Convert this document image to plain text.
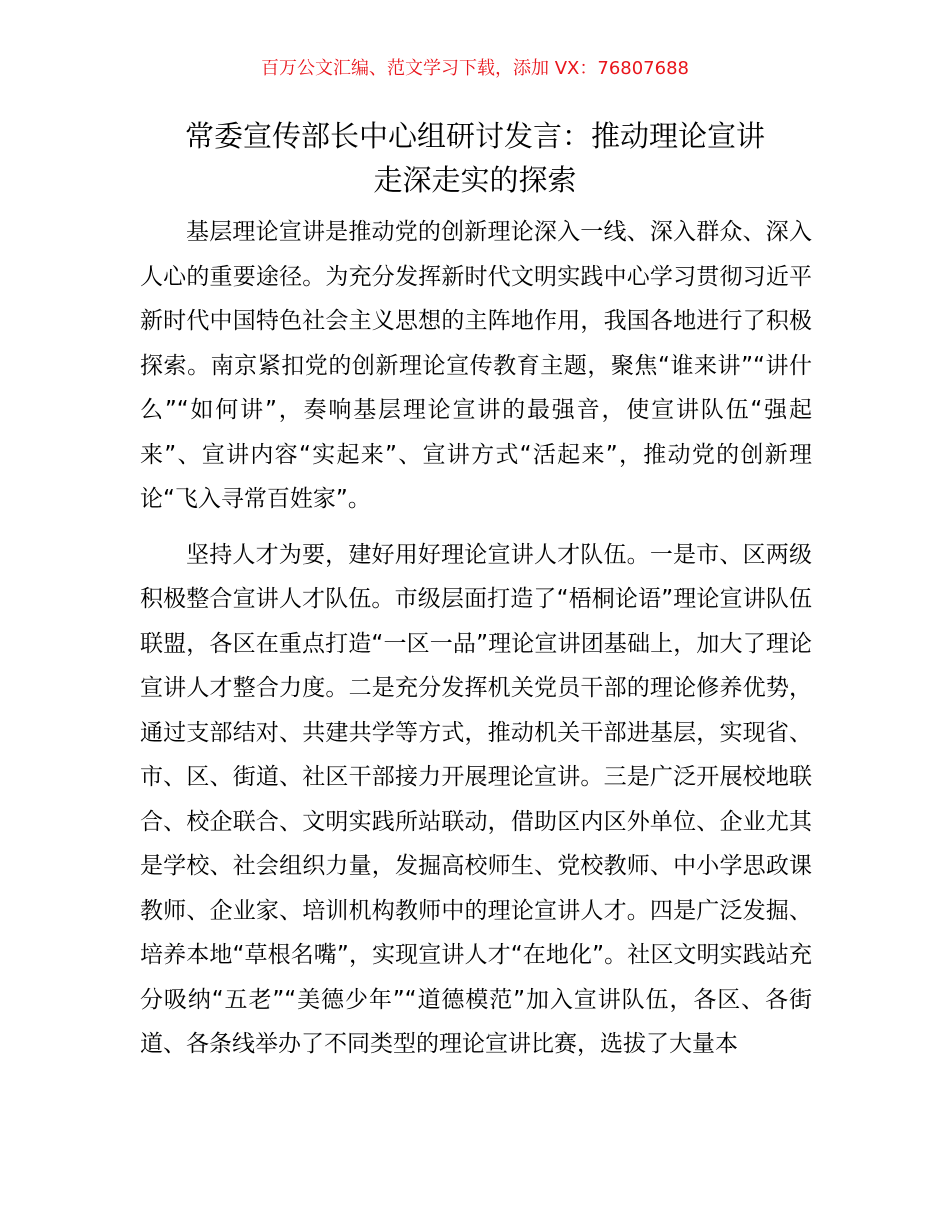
百万公文汇编、范文学习下载，添加 VX：76807688
常委宣传部长中心组研讨发言：推动理论宣讲
走深走实的探索

基层理论宣讲是推动党的创新理论深入一线、深入群众、深入人心的重要途径。为充分发挥新时代文明实践中心学习贯彻习近平新时代中国特色社会主义思想的主阵地作用，我国各地进行了积极探索。南京紧扣党的创新理论宣传教育主题，聚焦“谁来讲”“讲什么”“如何讲”，奏响基层理论宣讲的最强音，使宣讲队伍“强起来”、宣讲内容“实起来”、宣讲方式“活起来”，推动党的创新理论“飞入寻常百姓家”。

坚持人才为要，建好用好理论宣讲人才队伍。一是市、区两级积极整合宣讲人才队伍。市级层面打造了“梧桐论语”理论宣讲队伍联盟，各区在重点打造“一区一品”理论宣讲团基础上，加大了理论宣讲人才整合力度。二是充分发挥机关党员干部的理论修养优势，通过支部结对、共建共学等方式，推动机关干部进基层，实现省、市、区、街道、社区干部接力开展理论宣讲。三是广泛开展校地联合、校企联合、文明实践所站联动，借助区内区外单位、企业尤其是学校、社会组织力量，发掘高校师生、党校教师、中小学思政课教师、企业家、培训机构教师中的理论宣讲人才。四是广泛发掘、培养本地“草根名嘴”，实现宣讲人才“在地化”。社区文明实践站充分吸纳“五老”“美德少年”“道德模范”加入宣讲队伍，各区、各街道、各条线举办了不同类型的理论宣讲比赛，选拔了大量本
